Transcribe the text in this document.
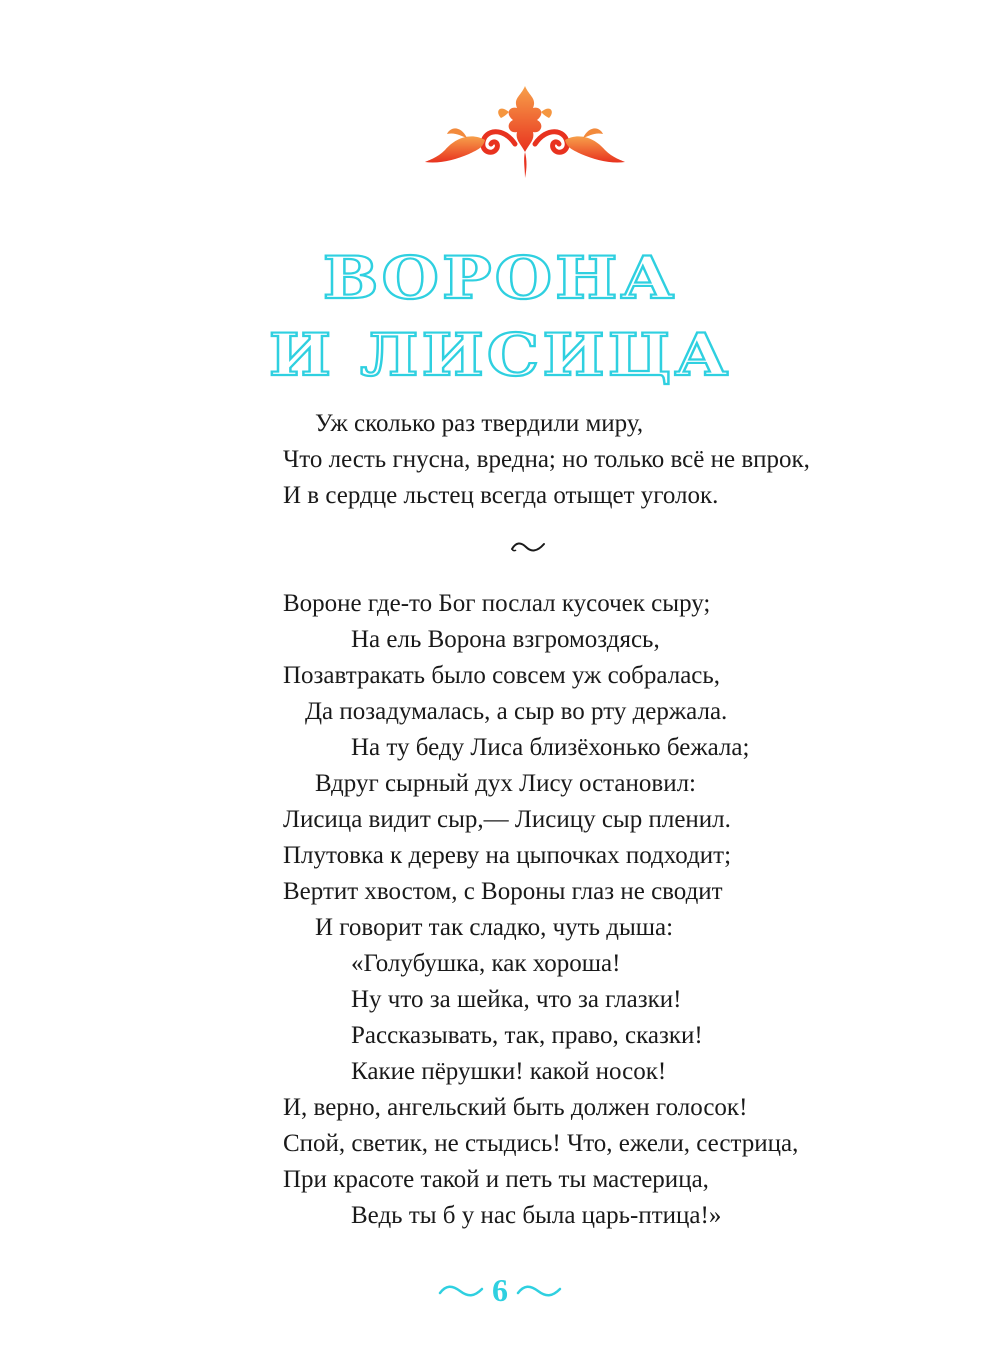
ВОРОНА
И ЛИСИЦА
Уж сколько раз твердили миру,
Что лесть гнусна, вредна; но только всё не впрок,
И в сердце льстец всегда отыщет уголок.
Вороне где-то Бог послал кусочек сыру;
На ель Ворона взгромоздясь,
Позавтракать было совсем уж собралась,
Да позадумалась, а сыр во рту держала.
На ту беду Лиса близёхонько бежала;
Вдруг сырный дух Лису остановил:
Лисица видит сыр,— Лисицу сыр пленил.
Плутовка к дереву на цыпочках подходит;
Вертит хвостом, с Вороны глаз не сводит
И говорит так сладко, чуть дыша:
«Голубушка, как хороша!
Ну что за шейка, что за глазки!
Рассказывать, так, право, сказки!
Какие пёрушки! какой носок!
И, верно, ангельский быть должен голосок!
Спой, светик, не стыдись! Что, ежели, сестрица,
При красоте такой и петь ты мастерица,
Ведь ты б у нас была царь-птица!»
6
